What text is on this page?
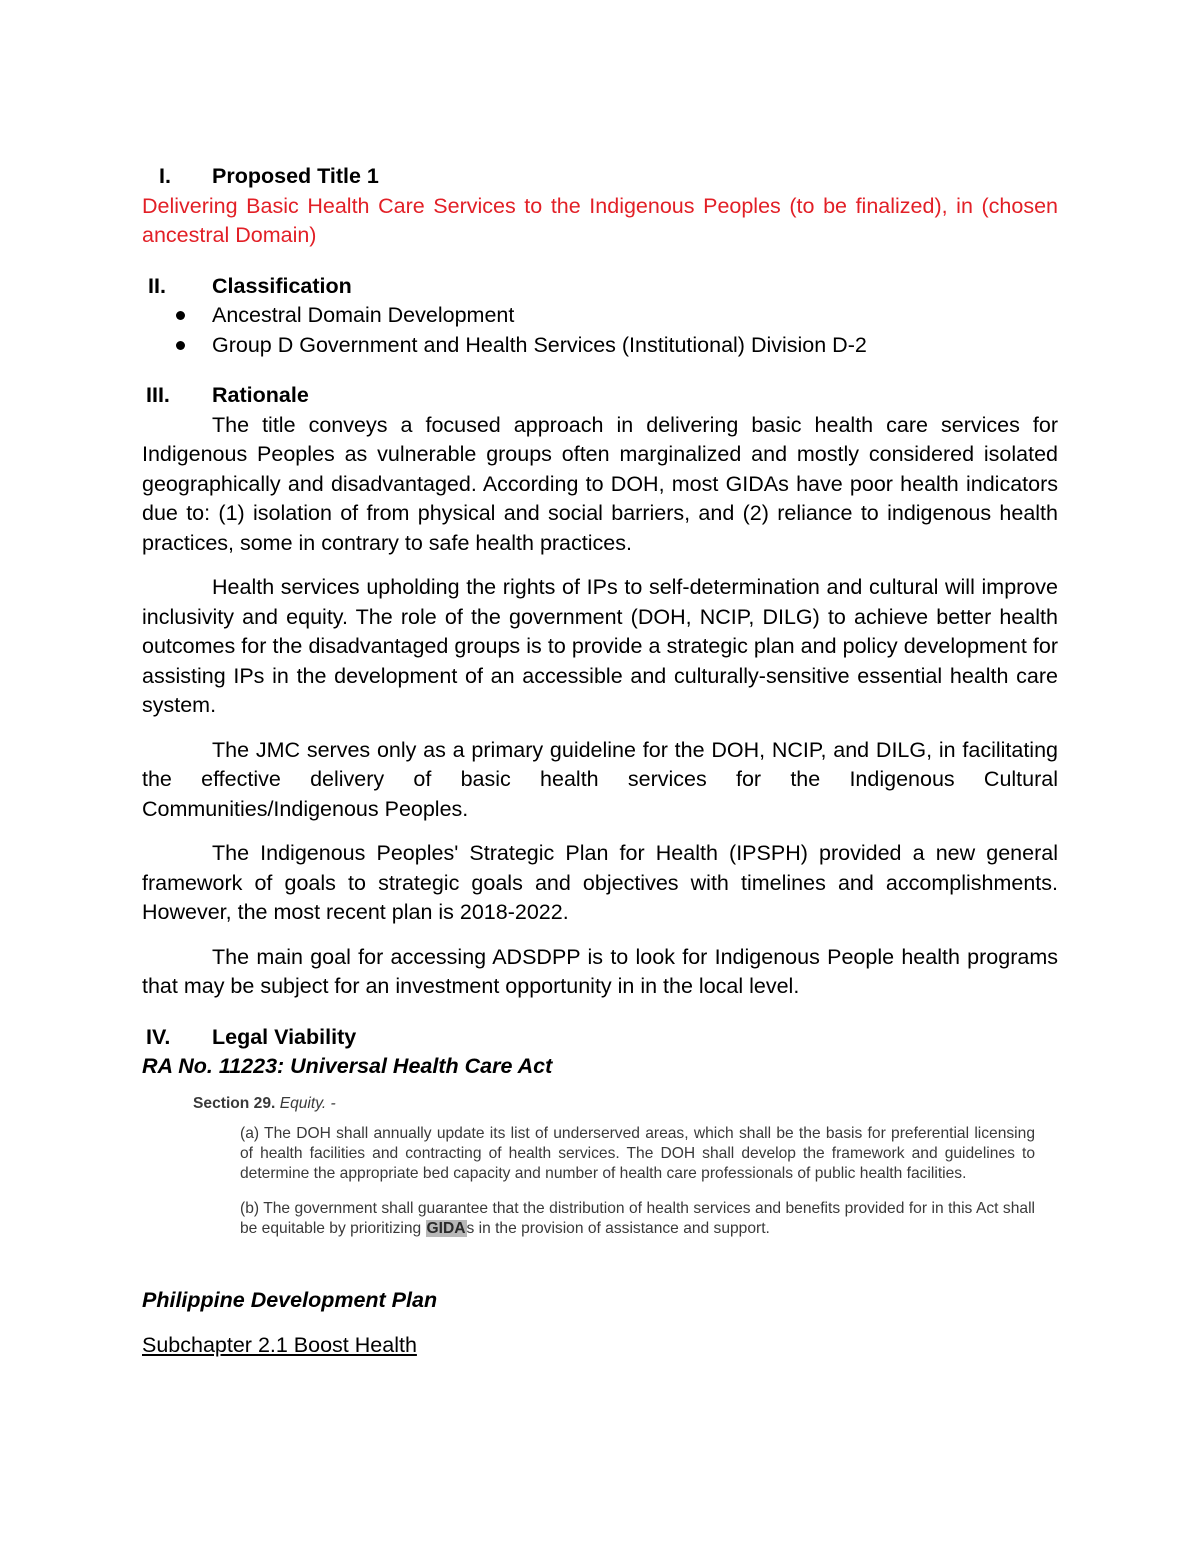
I.	Proposed Title 1

Delivering Basic Health Care Services to the Indigenous Peoples (to be finalized), in (chosen ancestral Domain)

II.	Classification
Ancestral Domain Development
Group D Government and Health Services (Institutional) Division D-2
III.	Rationale

The title conveys a focused approach in delivering basic health care services for Indigenous Peoples as vulnerable groups often marginalized and mostly considered isolated geographically and disadvantaged. According to DOH, most GIDAs have poor health indicators due to: (1) isolation of from physical and social barriers, and (2) reliance to indigenous health practices, some in contrary to safe health practices.

Health services upholding the rights of IPs to self-determination and cultural will improve inclusivity and equity. The role of the government (DOH, NCIP, DILG) to achieve better health outcomes for the disadvantaged groups is to provide a strategic plan and policy development for assisting IPs in the development of an accessible and culturally-sensitive essential health care system.

The JMC serves only as a primary guideline for the DOH, NCIP, and DILG, in facilitating the effective delivery of basic health services for the Indigenous Cultural Communities/Indigenous Peoples.

The Indigenous Peoples' Strategic Plan for Health (IPSPH) provided a new general framework of goals to strategic goals and objectives with timelines and accomplishments. However, the most recent plan is 2018-2022.

The main goal for accessing ADSDPP is to look for Indigenous People health programs that may be subject for an investment opportunity in in the local level.

IV.	Legal Viability

RA No. 11223: Universal Health Care Act

Section 29. Equity. -

(a) The DOH shall annually update its list of underserved areas, which shall be the basis for preferential licensing of health facilities and contracting of health services. The DOH shall develop the framework and guidelines to determine the appropriate bed capacity and number of health care professionals of public health facilities.

(b) The government shall guarantee that the distribution of health services and benefits provided for in this Act shall be equitable by prioritizing GIDAs in the provision of assistance and support.

Philippine Development Plan

Subchapter 2.1 Boost Health
